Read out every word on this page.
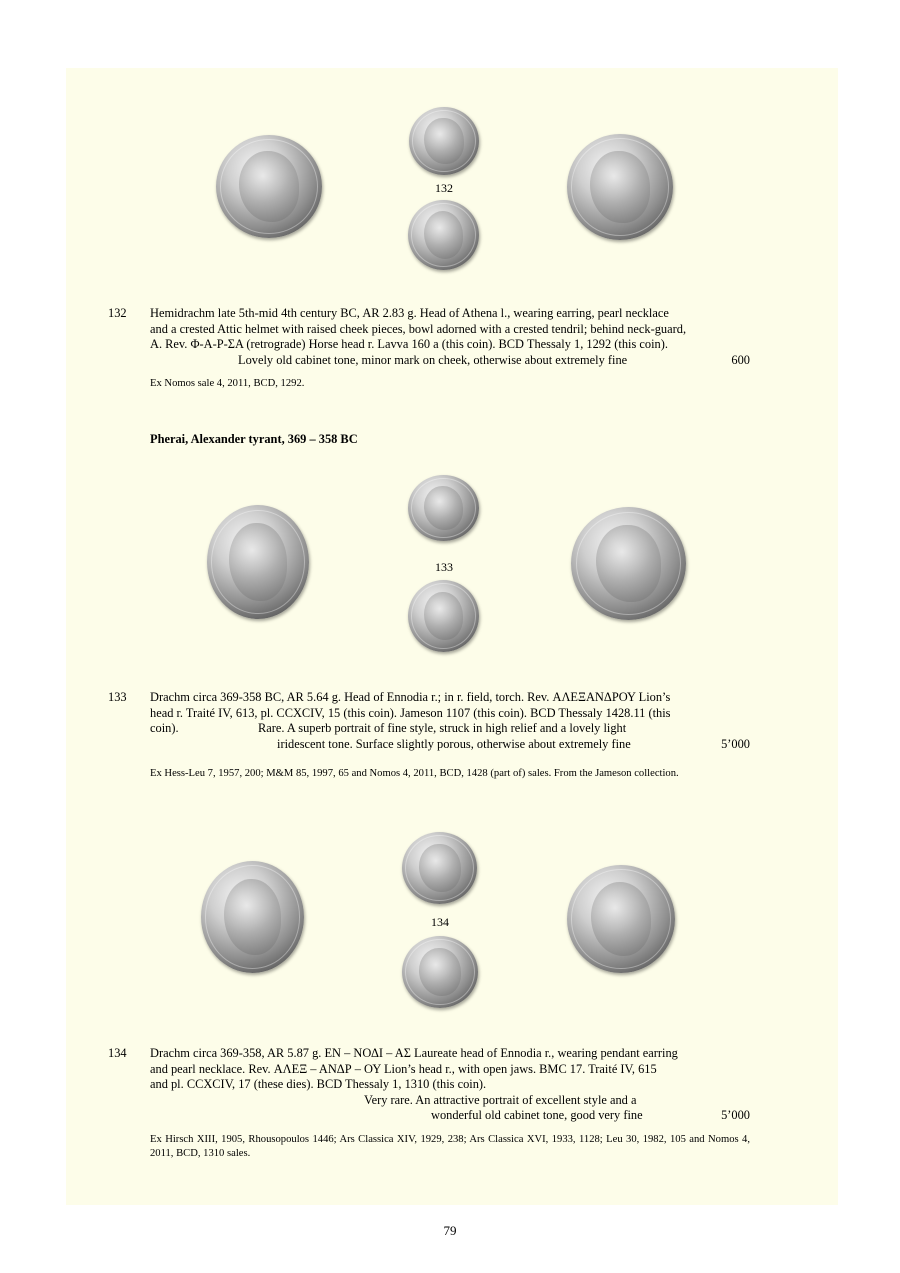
132
132 Hemidrachm late 5th-mid 4th century BC, AR 2.83 g. Head of Athena l., wearing earring, pearl necklace

and a crested Attic helmet with raised cheek pieces, bowl adorned with a crested tendril; behind neck-guard,

A. Rev. Φ-Α-Ρ-ΣΑ (retrograde) Horse head r. Lavva 160 a (this coin). BCD Thessaly 1, 1292 (this coin).

Lovely old cabinet tone, minor mark on cheek, otherwise about extremely fine	600
Ex Nomos sale 4, 2011, BCD, 1292.
Pherai, Alexander tyrant, 369 – 358 BC
133
133 Drachm circa 369-358 BC, AR 5.64 g. Head of Ennodia r.; in r. field, torch. Rev. ΑΛΕΞΑΝΔΡΟΥ Lion’s

head r. Traité IV, 613, pl. CCXCIV, 15 (this coin). Jameson 1107 (this coin). BCD Thessaly 1428.11 (this

coin).	Rare. A superb portrait of fine style, struck in high relief and a lovely light
iridescent tone. Surface slightly porous, otherwise about extremely fine	5’000
Ex Hess-Leu 7, 1957, 200; M&M 85, 1997, 65 and Nomos 4, 2011, BCD, 1428 (part of) sales. From the Jameson collection.
134
134 Drachm circa 369-358, AR 5.87 g. ΕΝ – ΝΟΔΙ – ΑΣ Laureate head of Ennodia r., wearing pendant earring

and pearl necklace. Rev. ΑΛΕΞ – ΑΝΔΡ – ΟΥ Lion’s head r., with open jaws. BMC 17. Traité IV, 615

and pl. CCXCIV, 17 (these dies). BCD Thessaly 1, 1310 (this coin).

Very rare. An attractive portrait of excellent style and a
wonderful old cabinet tone, good very fine	5’000
Ex Hirsch XIII, 1905, Rhousopoulos 1446; Ars Classica XIV, 1929, 238; Ars Classica XVI, 1933, 1128; Leu 30, 1982, 105 and Nomos 4, 2011, BCD, 1310 sales.
79
